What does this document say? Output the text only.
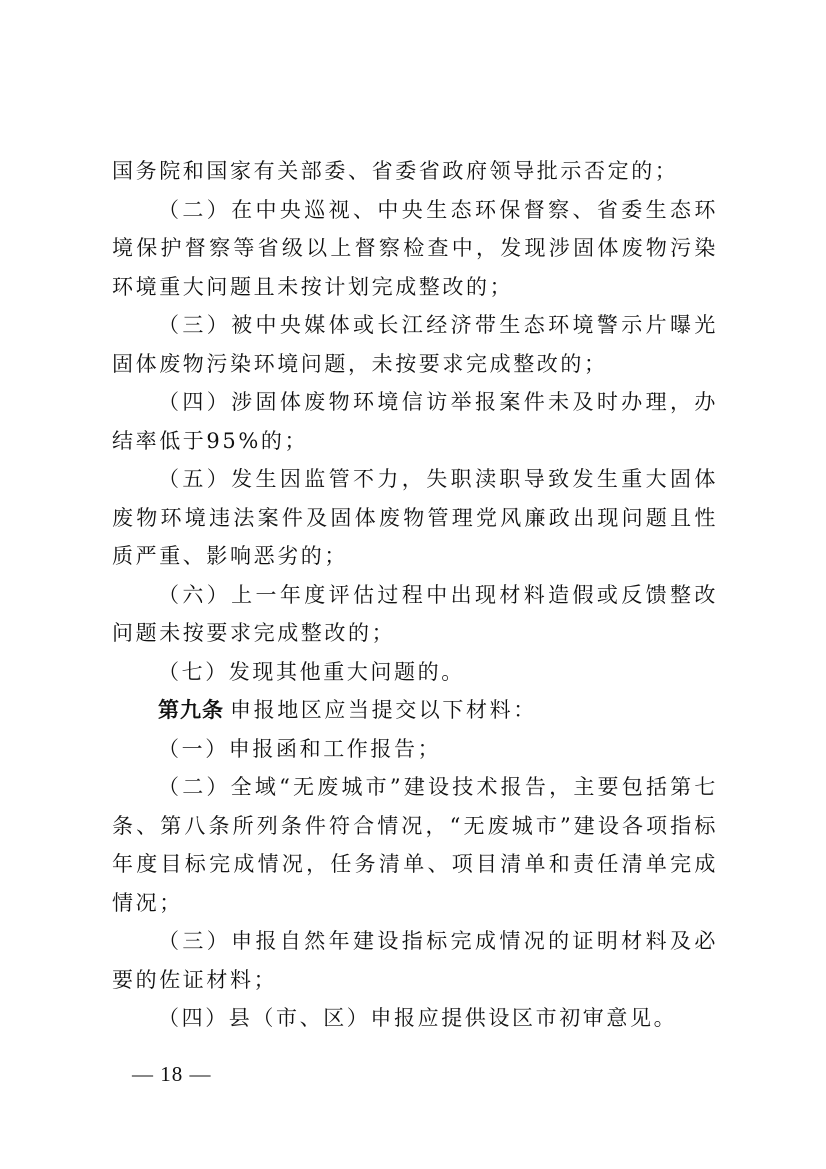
国务院和国家有关部委、省委省政府领导批示否定的；

（二）在中央巡视、中央生态环保督察、省委生态环境保护督察等省级以上督察检查中，发现涉固体废物污染环境重大问题且未按计划完成整改的；

（三）被中央媒体或长江经济带生态环境警示片曝光固体废物污染环境问题，未按要求完成整改的；

（四）涉固体废物环境信访举报案件未及时办理，办结率低于95%的；

（五）发生因监管不力，失职渎职导致发生重大固体废物环境违法案件及固体废物管理党风廉政出现问题且性质严重、影响恶劣的；

（六）上一年度评估过程中出现材料造假或反馈整改问题未按要求完成整改的；

（七）发现其他重大问题的。

第九条 申报地区应当提交以下材料：

（一）申报函和工作报告；

（二）全域“无废城市”建设技术报告，主要包括第七条、第八条所列条件符合情况，“无废城市”建设各项指标年度目标完成情况，任务清单、项目清单和责任清单完成情况；

（三）申报自然年建设指标完成情况的证明材料及必要的佐证材料；

（四）县（市、区）申报应提供设区市初审意见。

— 18 —
